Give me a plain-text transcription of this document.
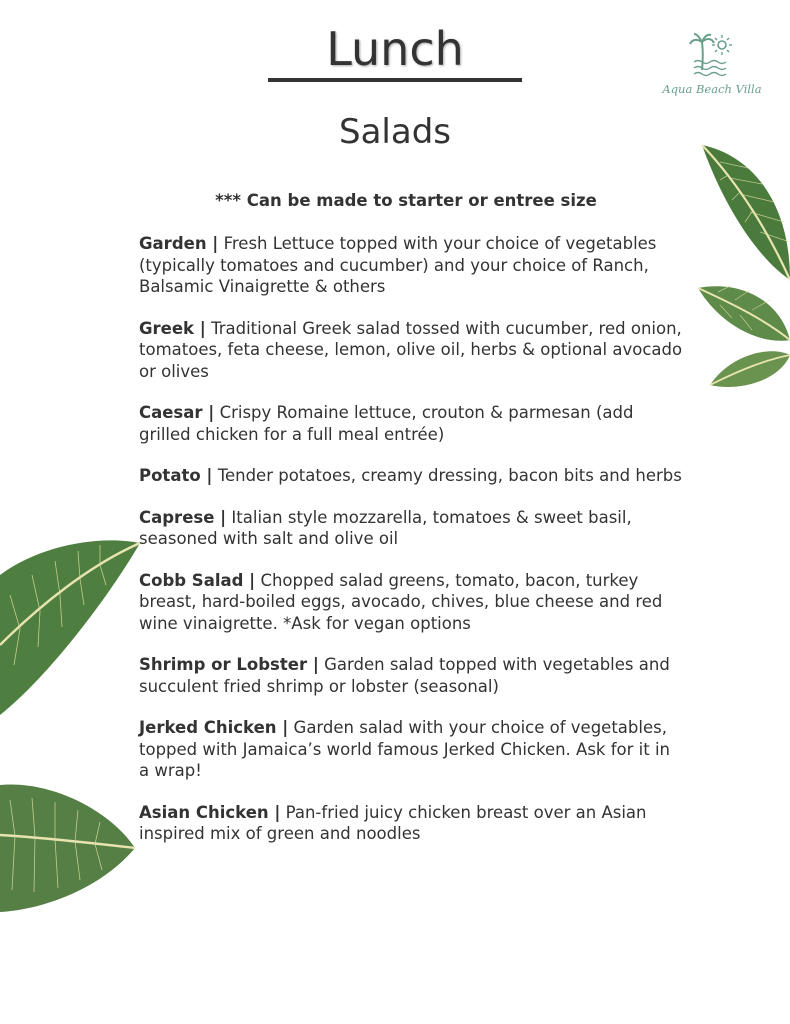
Lunch
Salads
*** Can be made to starter or entree size
Aqua Beach Villa
Garden | Fresh Lettuce topped with your choice of vegetables (typically tomatoes and cucumber) and your choice of Ranch, Balsamic Vinaigrette & others
Greek | Traditional Greek salad tossed with cucumber, red onion, tomatoes, feta cheese, lemon, olive oil, herbs & optional avocado or olives
Caesar | Crispy Romaine lettuce, crouton & parmesan (add grilled chicken for a full meal entrée)
Potato | Tender potatoes, creamy dressing, bacon bits and herbs
Caprese | Italian style mozzarella, tomatoes & sweet basil, seasoned with salt and olive oil
Cobb Salad | Chopped salad greens, tomato, bacon, turkey breast, hard-boiled eggs, avocado, chives, blue cheese and red wine vinaigrette. *Ask for vegan options
Shrimp or Lobster | Garden salad topped with vegetables and succulent fried shrimp or lobster (seasonal)
Jerked Chicken | Garden salad with your choice of vegetables, topped with Jamaica’s world famous Jerked Chicken. Ask for it in a wrap!
Asian Chicken | Pan-fried juicy chicken breast over an Asian inspired mix of green and noodles
